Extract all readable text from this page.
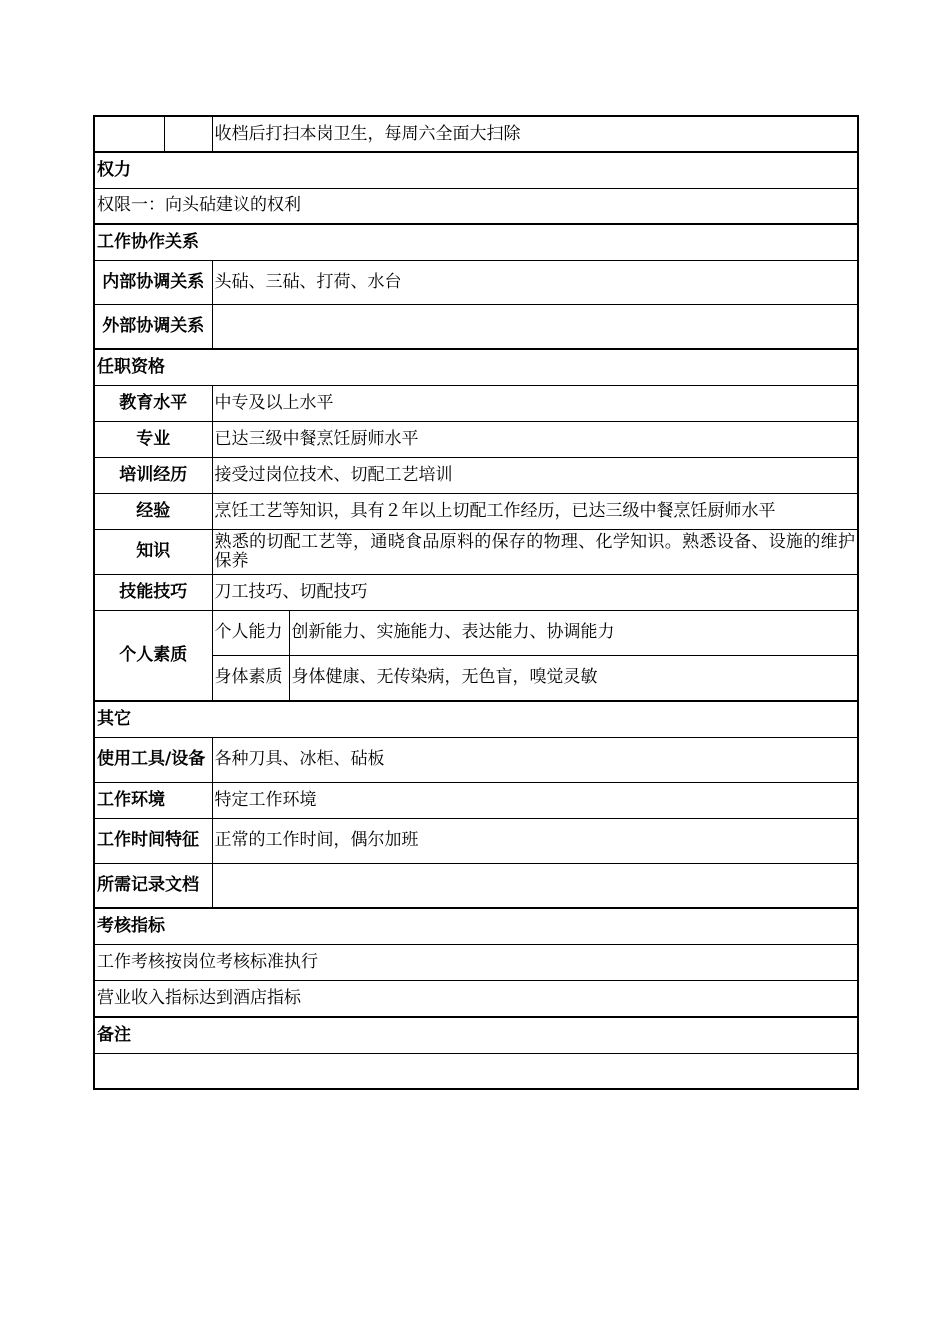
		收档后打扫本岗卫生，每周六全面大扫除	
权力			
权限一：向头砧建议的权利			
工作协作关系			
内部协调关系		头砧、三砧、打荷、水台	
外部协调关系			
任职资格			
教育水平		中专及以上水平	
专业		已达三级中餐烹饪厨师水平	
培训经历		接受过岗位技术、切配工艺培训	
经验		烹饪工艺等知识，具有２年以上切配工作经历，已达三级中餐烹饪厨师水平	
知识		熟悉的切配工艺等，通晓食品原料的保存的物理、化学知识。熟悉设备、设施的维护保养	
技能技巧		刀工技巧、切配技巧	
个人素质		个人能力	创新能力、实施能力、表达能力、协调能力
		身体素质	身体健康、无传染病，无色盲，嗅觉灵敏
其它			
使用工具/设备		各种刀具、冰柜、砧板	
工作环境		特定工作环境	
工作时间特征		正常的工作时间，偶尔加班	
所需记录文档			
考核指标			
工作考核按岗位考核标准执行			
营业收入指标达到酒店指标			
备注			
